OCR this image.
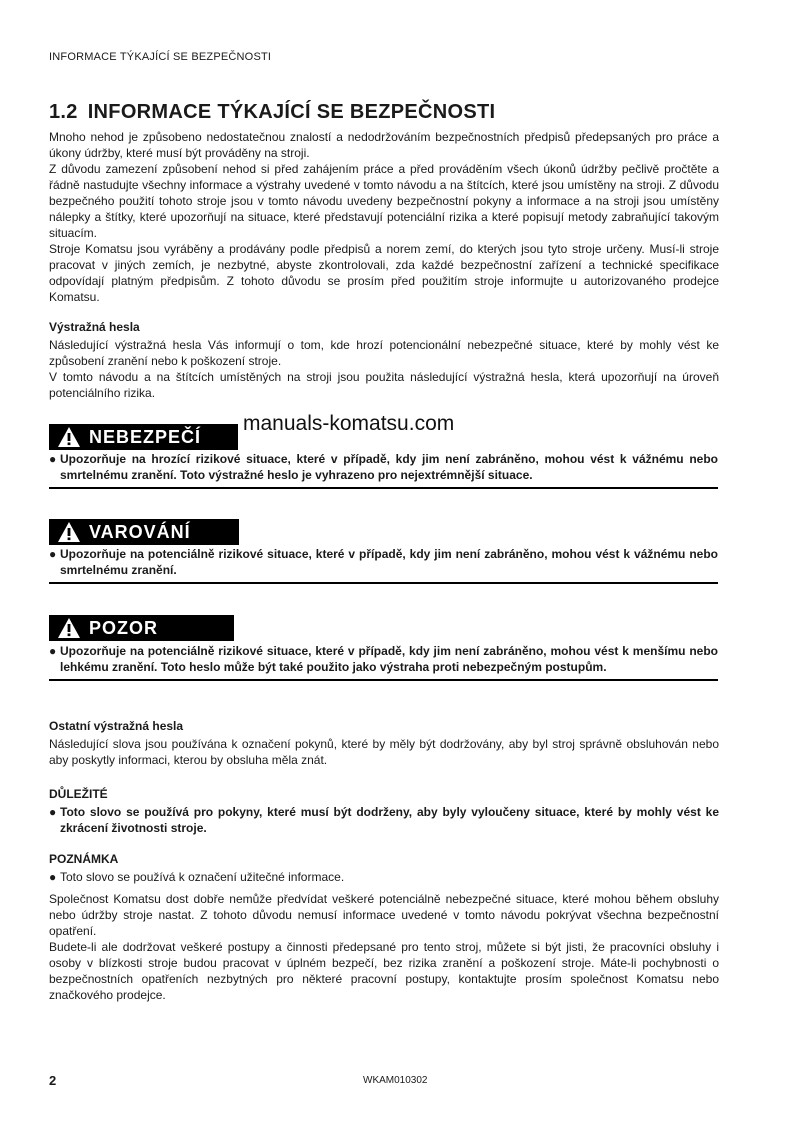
INFORMACE TÝKAJÍCÍ SE BEZPEČNOSTI
1.2 INFORMACE TÝKAJÍCÍ SE BEZPEČNOSTI

Mnoho nehod je způsobeno nedostatečnou znalostí a nedodržováním bezpečnostních předpisů předepsaných pro práce a úkony údržby, které musí být prováděny na stroji.

Z důvodu zamezení způsobení nehod si před zahájením práce a před prováděním všech úkonů údržby pečlivě pročtěte a řádně nastudujte všechny informace a výstrahy uvedené v tomto návodu a na štítcích, které jsou umístěny na stroji. Z důvodu bezpečného použití tohoto stroje jsou v tomto návodu uvedeny bezpečnostní pokyny a informace a na stroji jsou umístěny nálepky a štítky, které upozorňují na situace, které představují potenciální rizika a které popisují metody zabraňující takovým situacím.

Stroje Komatsu jsou vyráběny a prodávány podle předpisů a norem zemí, do kterých jsou tyto stroje určeny. Musí-li stroje pracovat v jiných zemích, je nezbytné, abyste zkontrolovali, zda každé bezpečnostní zařízení a technické specifikace odpovídají platným předpisům. Z tohoto důvodu se prosím před použitím stroje informujte u autorizovaného prodejce Komatsu.

Výstražná hesla

Následující výstražná hesla Vás informují o tom, kde hrozí potencionální nebezpečné situace, které by mohly vést ke způsobení zranění nebo k poškození stroje.

V tomto návodu a na štítcích umístěných na stroji jsou použita následující výstražná hesla, která upozorňují na úroveň potenciálního rizika.

manuals-komatsu.com
NEBEZPEČÍ
● Upozorňuje na hrozící rizikové situace, které v případě, kdy jim není zabráněno, mohou vést k vážnému nebo smrtelnému zranění. Toto výstražné heslo je vyhrazeno pro nejextrémnější situace.
VAROVÁNÍ
● Upozorňuje na potenciálně rizikové situace, které v případě, kdy jim není zabráněno, mohou vést k vážnému nebo smrtelnému zranění.
POZOR
● Upozorňuje na potenciálně rizikové situace, které v případě, kdy jim není zabráněno, mohou vést k menšímu nebo lehkému zranění. Toto heslo může být také použito jako výstraha proti nebezpečným postupům.
Ostatní výstražná hesla

Následující slova jsou používána k označení pokynů, které by měly být dodržovány, aby byl stroj správně obsluhován nebo aby poskytly informaci, kterou by obsluha měla znát.

DŮLEŽITÉ
● Toto slovo se používá pro pokyny, které musí být dodrženy, aby byly vyloučeny situace, které by mohly vést ke zkrácení životnosti stroje.
POZNÁMKA
● Toto slovo se používá k označení užitečné informace.

Společnost Komatsu dost dobře nemůže předvídat veškeré potenciálně nebezpečné situace, které mohou během obsluhy nebo údržby stroje nastat. Z tohoto důvodu nemusí informace uvedené v tomto návodu pokrývat všechna bezpečnostní opatření.

Budete-li ale dodržovat veškeré postupy a činnosti předepsané pro tento stroj, můžete si být jisti, že pracovníci obsluhy i osoby v blízkosti stroje budou pracovat v úplném bezpečí, bez rizika zranění a poškození stroje. Máte-li pochybnosti o bezpečnostních opatřeních nezbytných pro některé pracovní postupy, kontaktujte prosím společnost Komatsu nebo značkového prodejce.

2	WKAM010302
